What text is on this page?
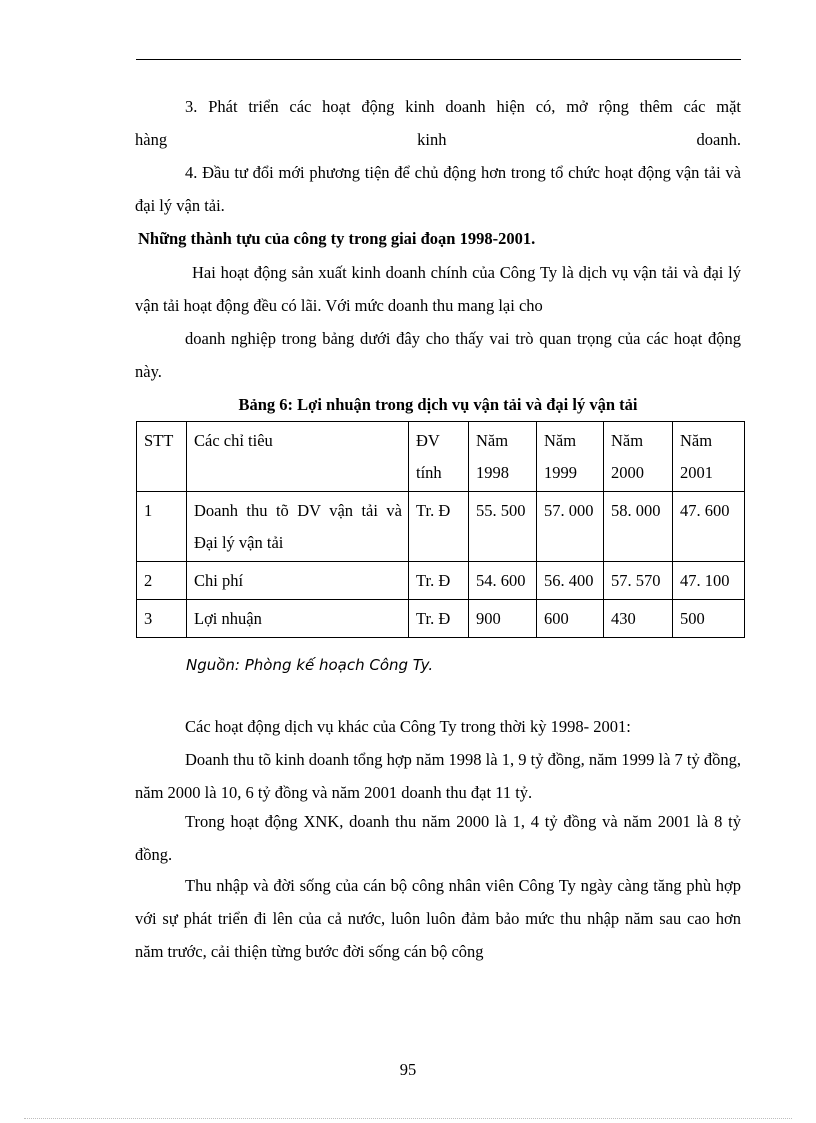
3. Phát triển các hoạt động kinh doanh hiện có, mở rộng thêm các mặt
hàng	kinh	doanh.
4. Đầu tư đổi mới phương tiện để chủ động hơn trong tổ chức hoạt động vận tải và đại lý vận tải.
Những thành tựu của công ty trong giai đoạn 1998-2001.
Hai hoạt động sản xuất kinh doanh chính của Công Ty là dịch vụ vận tải và đại lý vận tải hoạt động đều có lãi. Với mức doanh thu mang lại cho
doanh nghiệp trong bảng dưới đây cho thấy vai trò quan trọng của các hoạt động này.
Bảng 6: Lợi nhuận trong dịch vụ vận tải và đại lý vận tải
STT	Các chỉ tiêu	ĐV tính	Năm 1998	Năm 1999	Năm 2000	Năm 2001
1	Doanh thu tõ DV vận tải và Đại lý vận tải	Tr. Đ	55. 500	57. 000	58. 000	47. 600
2	Chi phí	Tr. Đ	54. 600	56. 400	57. 570	47. 100
3	Lợi nhuận	Tr. Đ	900	600	430	500
Nguồn: Phòng kế hoạch Công Ty.
Các hoạt động dịch vụ khác của Công Ty trong thời kỳ 1998- 2001:
Doanh thu tõ kinh doanh tổng hợp năm 1998 là 1, 9 tỷ đồng, năm 1999 là 7 tỷ đồng, năm 2000 là 10, 6 tỷ đồng và năm 2001 doanh thu đạt 11 tỷ.
Trong hoạt động XNK, doanh thu năm 2000 là 1, 4 tỷ đồng và năm 2001 là 8 tỷ đồng.
Thu nhập và đời sống của cán bộ công nhân viên Công Ty ngày càng tăng phù hợp với sự phát triển đi lên của cả nước, luôn luôn đảm bảo mức thu nhập năm sau cao hơn năm trước, cải thiện từng bước đời sống cán bộ công
95
